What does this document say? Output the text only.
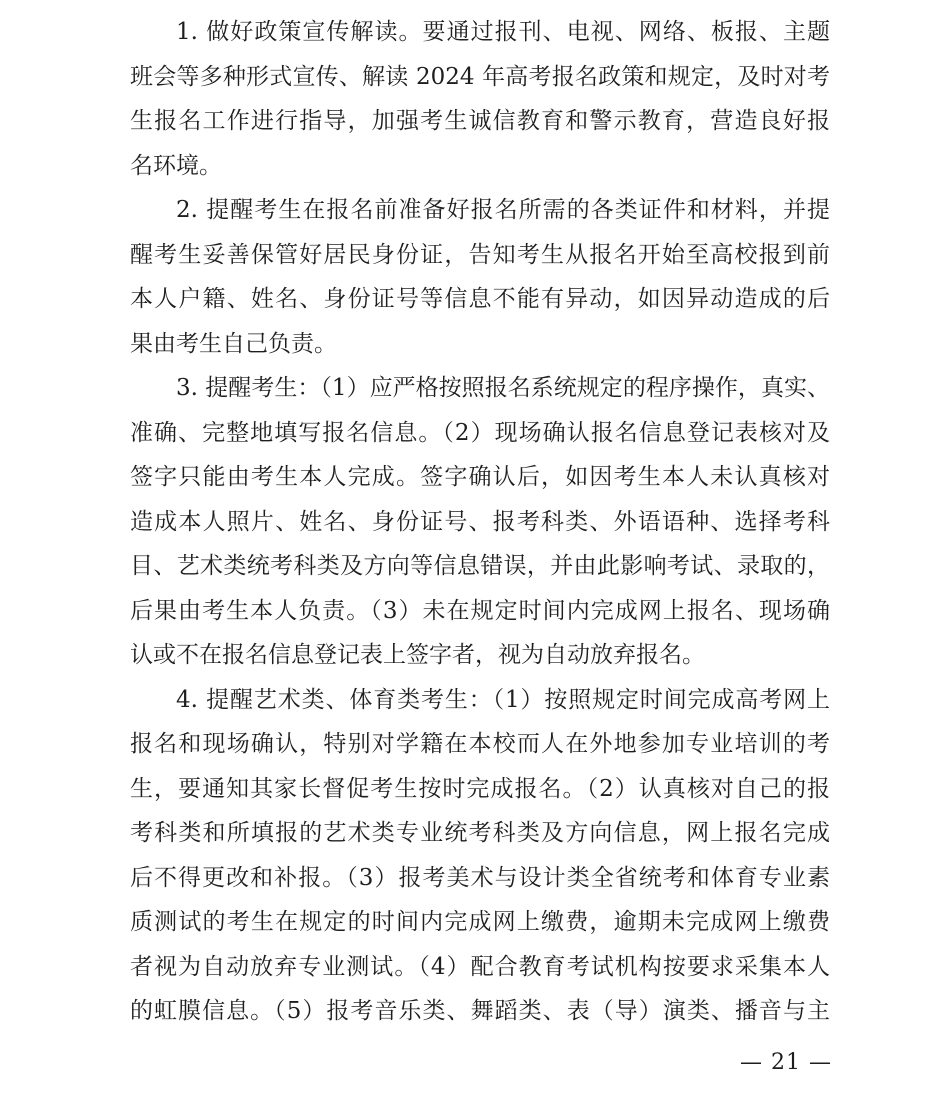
1. 做好政策宣传解读。要通过报刊、电视、网络、板报、主题
班会等多种形式宣传、解读 2024 年高考报名政策和规定，及时对考
生报名工作进行指导，加强考生诚信教育和警示教育，营造良好报
名环境。
2. 提醒考生在报名前准备好报名所需的各类证件和材料，并提
醒考生妥善保管好居民身份证，告知考生从报名开始至高校报到前
本人户籍、姓名、身份证号等信息不能有异动，如因异动造成的后
果由考生自己负责。
3. 提醒考生：（1）应严格按照报名系统规定的程序操作，真实、
准确、完整地填写报名信息。（2）现场确认报名信息登记表核对及
签字只能由考生本人完成。签字确认后，如因考生本人未认真核对
造成本人照片、姓名、身份证号、报考科类、外语语种、选择考科
目、艺术类统考科类及方向等信息错误，并由此影响考试、录取的，
后果由考生本人负责。（3）未在规定时间内完成网上报名、现场确
认或不在报名信息登记表上签字者，视为自动放弃报名。
4. 提醒艺术类、体育类考生：（1）按照规定时间完成高考网上
报名和现场确认，特别对学籍在本校而人在外地参加专业培训的考
生，要通知其家长督促考生按时完成报名。（2）认真核对自己的报
考科类和所填报的艺术类专业统考科类及方向信息，网上报名完成
后不得更改和补报。（3）报考美术与设计类全省统考和体育专业素
质测试的考生在规定的时间内完成网上缴费，逾期未完成网上缴费
者视为自动放弃专业测试。（4）配合教育考试机构按要求采集本人
的虹膜信息。（5）报考音乐类、舞蹈类、表（导）演类、播音与主
— 21 —
